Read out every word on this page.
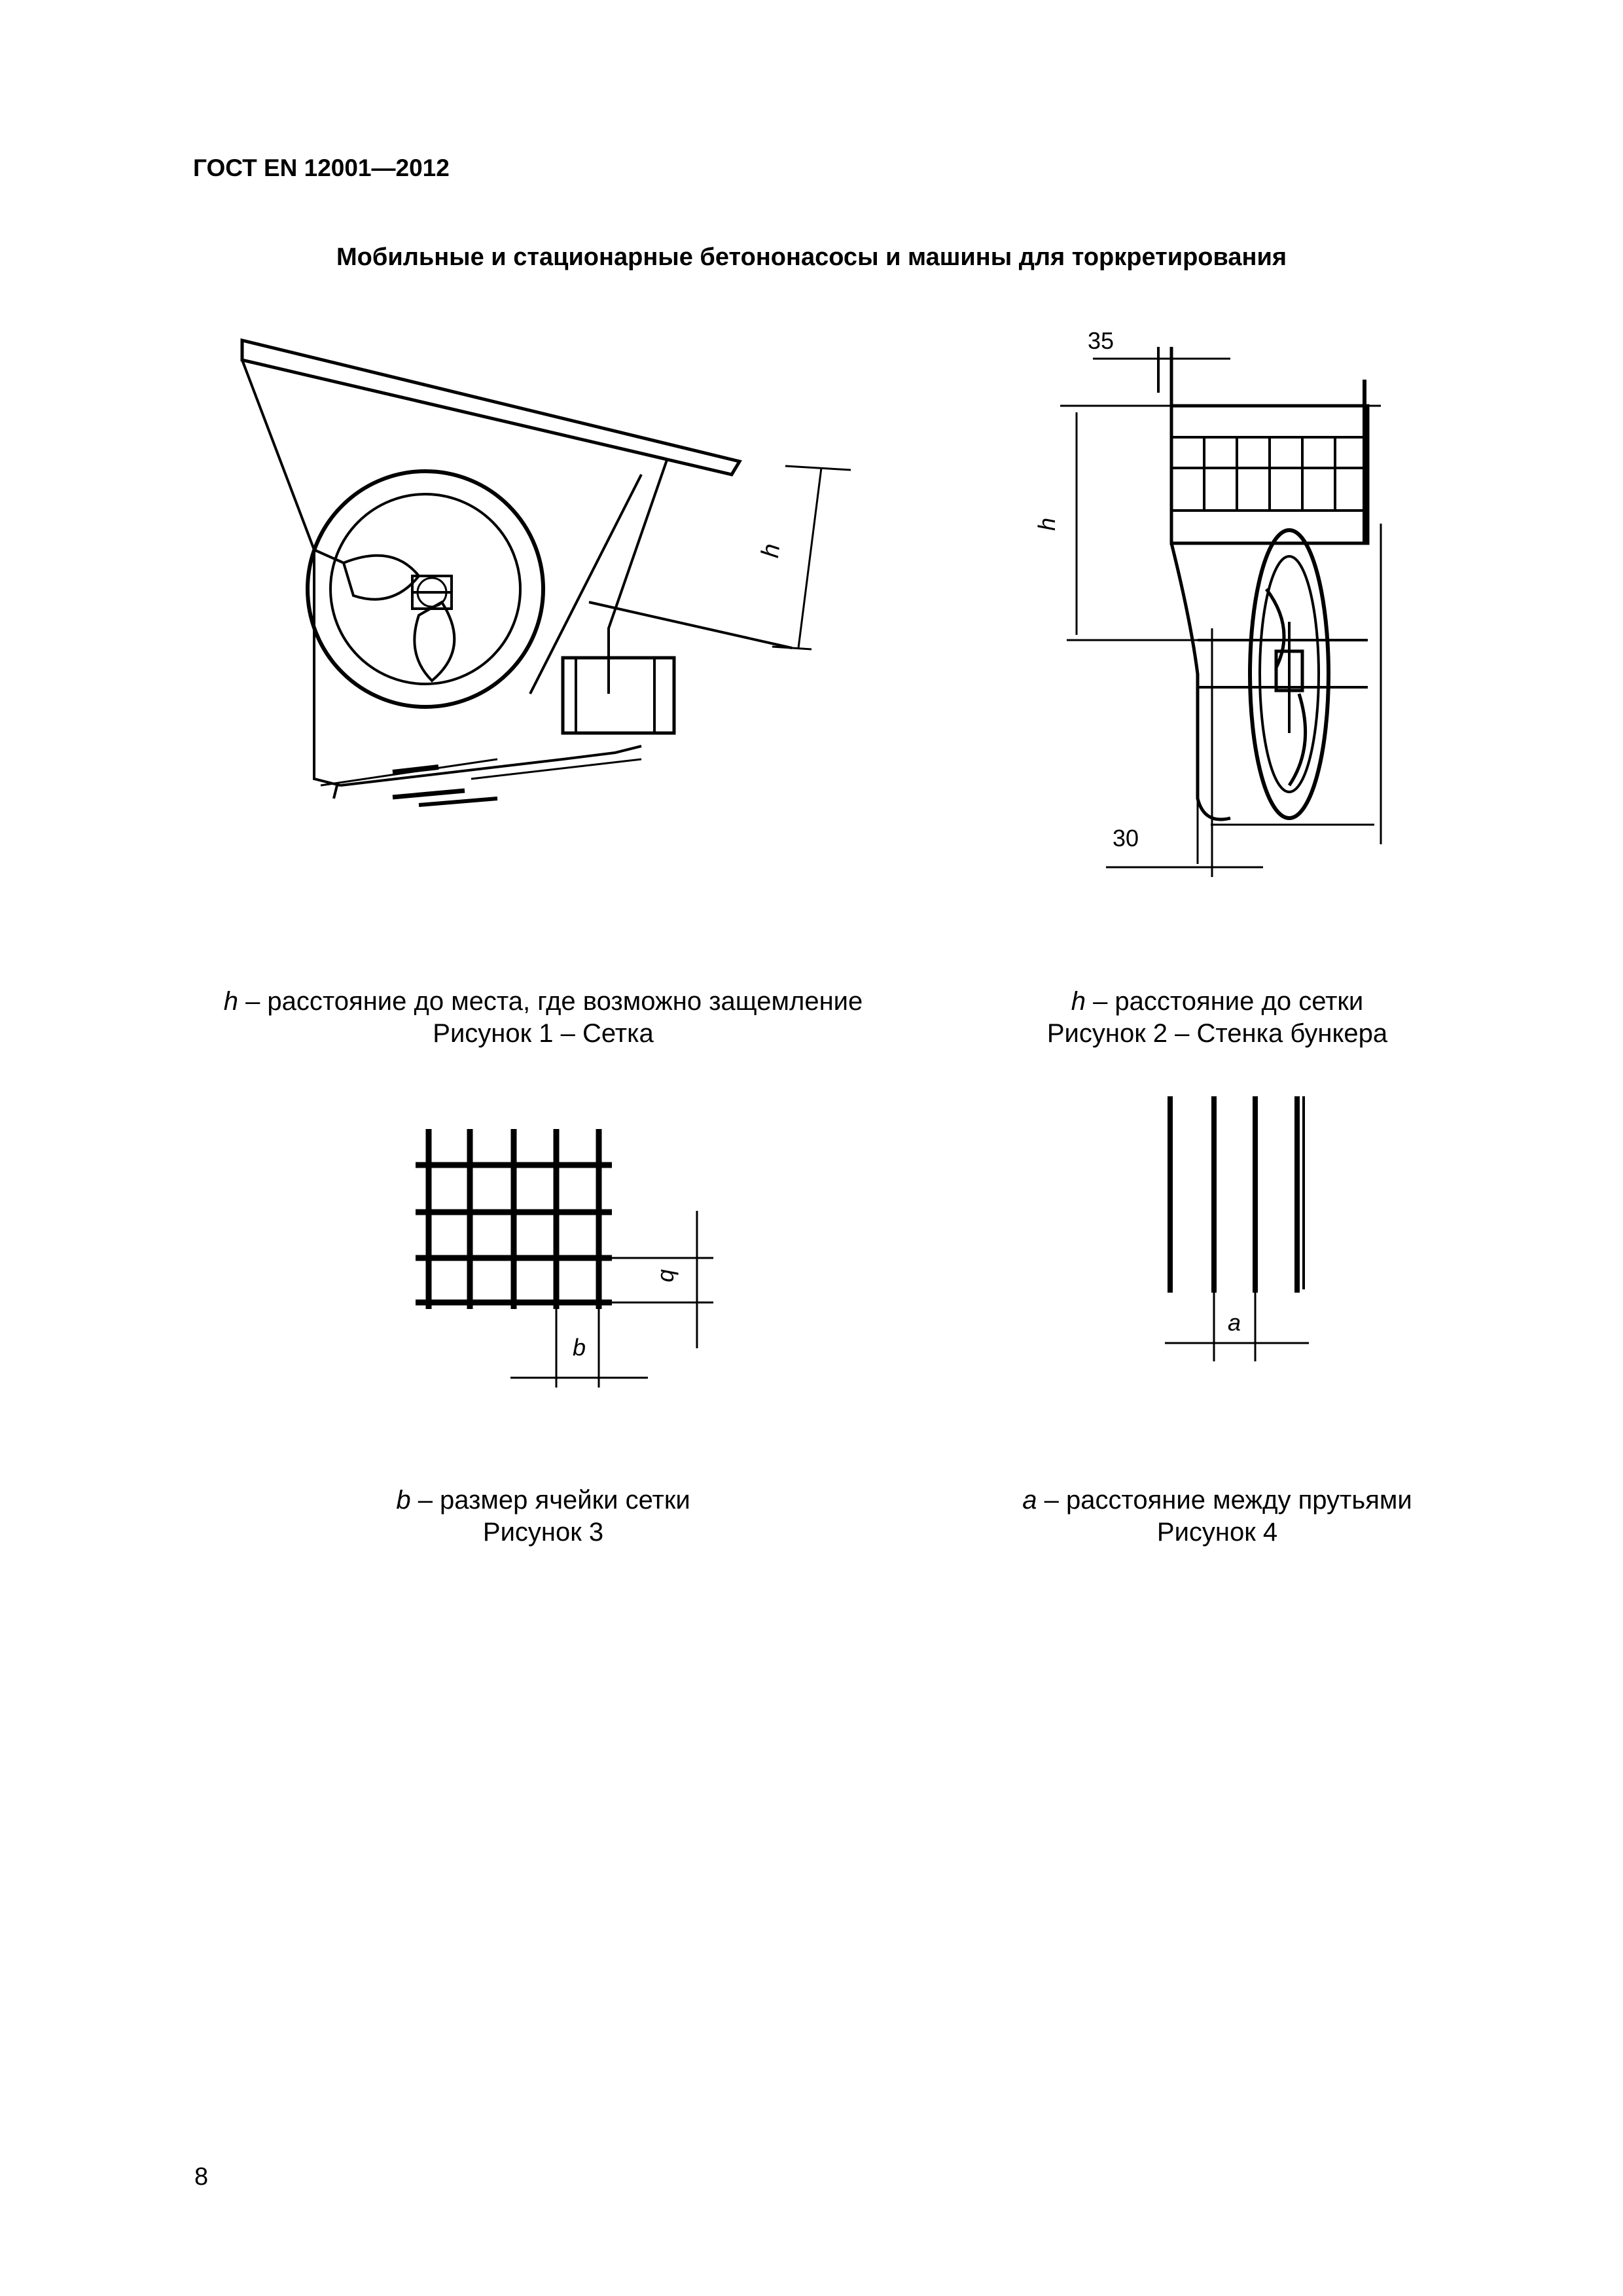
ГОСТ EN 12001—2012
Мобильные и стационарные бетононасосы и машины для торкретирования
h
35
h
30
b
b
a
h – расстояние до места, где возможно защемление
Рисунок 1 – Сетка
h – расстояние до сетки
Рисунок 2 – Стенка бункера
b – размер ячейки сетки
Рисунок 3
a – расстояние между прутьями
Рисунок 4
8
